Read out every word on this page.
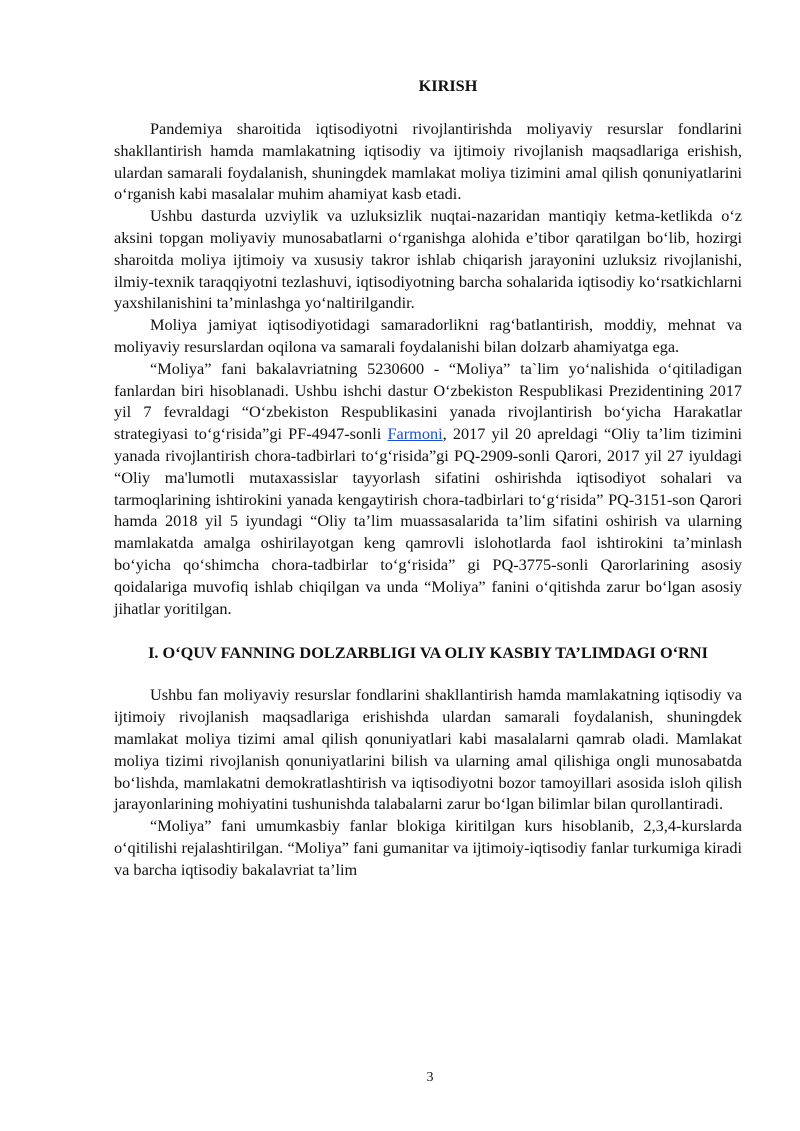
KIRISH

Pandemiya sharoitida iqtisodiyotni rivojlantirishda moliyaviy resurslar fondlarini shakllantirish hamda mamlakatning iqtisodiy va ijtimoiy rivojlanish maqsadlariga erishish, ulardan samarali foydalanish, shuningdek mamlakat moliya tizimini amal qilish qonuniyatlarini oʻrganish kabi masalalar muhim ahamiyat kasb etadi.

Ushbu dasturda uzviylik va uzluksizlik nuqtai-nazaridan mantiqiy ketma-ketlikda oʻz aksini topgan moliyaviy munosabatlarni oʻrganishga alohida e’tibor qaratilgan boʻlib, hozirgi sharoitda moliya ijtimoiy va xususiy takror ishlab chiqarish jarayonini uzluksiz rivojlanishi, ilmiy-texnik taraqqiyotni tezlashuvi, iqtisodiyotning barcha sohalarida iqtisodiy koʻrsatkichlarni yaxshilanishini ta’minlashga yoʻnaltirilgandir.

Moliya jamiyat iqtisodiyotidagi samaradorlikni ragʻbatlantirish, moddiy, mehnat va moliyaviy resurslardan oqilona va samarali foydalanishi bilan dolzarb ahamiyatga ega.

“Moliya” fani bakalavriatning 5230600 - “Moliya” ta`lim yoʻnalishida oʻqitiladigan fanlardan biri hisoblanadi. Ushbu ishchi dastur Oʻzbekiston Respublikasi Prezidentining 2017 yil 7 fevraldagi “Oʻzbekiston Respublikasini yanada rivojlantirish boʻyicha Harakatlar strategiyasi toʻgʻrisida”gi PF-4947-sonli Farmoni, 2017 yil 20 apreldagi “Oliy ta’lim tizimini yanada rivojlantirish chora-tadbirlari toʻgʻrisida”gi PQ-2909-sonli Qarori, 2017 yil 27 iyuldagi “Oliy ma'lumotli mutaxassislar tayyorlash sifatini oshirishda iqtisodiyot sohalari va tarmoqlarining ishtirokini yanada kengaytirish chora-tadbirlari toʻgʻrisida” PQ-3151-son Qarori hamda 2018 yil 5 iyundagi “Oliy ta’lim muassasalarida ta’lim sifatini oshirish va ularning mamlakatda amalga oshirilayotgan keng qamrovli islohotlarda faol ishtirokini ta’minlash boʻyicha qoʻshimcha chora-tadbirlar toʻgʻrisida” gi PQ-3775-sonli Qarorlarining asosiy qoidalariga muvofiq ishlab chiqilgan va unda “Moliya” fanini oʻqitishda zarur boʻlgan asosiy jihatlar yoritilgan.

I. OʻQUV FANNING DOLZARBLIGI VA OLIY KASBIY TA’LIMDAGI OʻRNI

Ushbu fan moliyaviy resurslar fondlarini shakllantirish hamda mamlakatning iqtisodiy va ijtimoiy rivojlanish maqsadlariga erishishda ulardan samarali foydalanish, shuningdek mamlakat moliya tizimi amal qilish qonuniyatlari kabi masalalarni qamrab oladi. Mamlakat moliya tizimi rivojlanish qonuniyatlarini bilish va ularning amal qilishiga ongli munosabatda boʻlishda, mamlakatni demokratlashtirish va iqtisodiyotni bozor tamoyillari asosida isloh qilish jarayonlarining mohiyatini tushunishda talabalarni zarur boʻlgan bilimlar bilan qurollantiradi.

“Moliya” fani umumkasbiy fanlar blokiga kiritilgan kurs hisoblanib, 2,3,4-kurslarda oʻqitilishi rejalashtirilgan. “Moliya” fani gumanitar va ijtimoiy-iqtisodiy fanlar turkumiga kiradi va barcha iqtisodiy bakalavriat ta’lim

3
